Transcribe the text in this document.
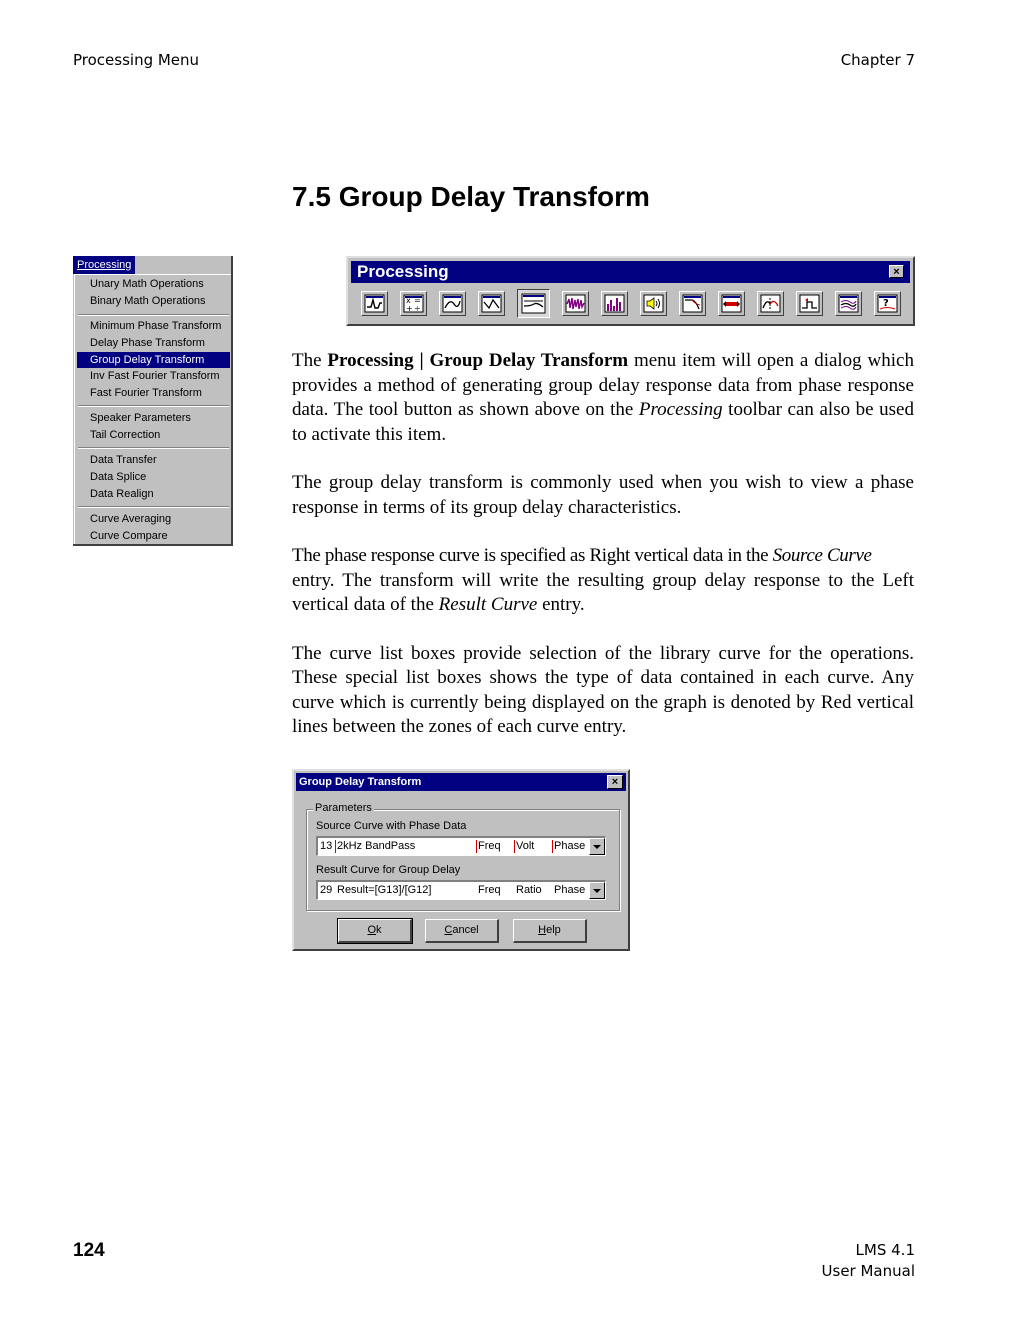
Processing Menu	Chapter 7
7.5 Group Delay Transform
Processing
Unary Math Operations
Binary Math Operations
Minimum Phase Transform
Delay Phase Transform
Group Delay Transform
Inv Fast Fourier Transform
Fast Fourier Transform
Speaker Parameters
Tail Correction
Data Transfer
Data Splice
Data Realign
Curve Averaging
Curve Compare
Processing	×
x =
+ ÷	?

The Processing | Group Delay Transform menu item will open a dialog which provides a method of generating group delay response data from phase response data. The tool button as shown above on the Processing toolbar can also be used to activate this item.

The group delay transform is commonly used when you wish to view a phase response in terms of its group delay characteristics.

The phase response curve is specified as Right vertical data in the Source Curve
entry. The transform will write the resulting group delay response to the Left vertical data of the Result Curve entry.

The curve list boxes provide selection of the library curve for the operations. These special list boxes shows the type of data contained in each curve. Any curve which is currently being displayed on the graph is denoted by Red vertical lines between the zones of each curve entry.

Group Delay Transform	×
Parameters
Source Curve with Phase Data
13 2kHz BandPass	Freq Volt Phase
Result Curve for Group Delay
29 Result=[G13]/[G12]	Freq Ratio Phase
Ok	Cancel	Help
124	LMS 4.1
User Manual
